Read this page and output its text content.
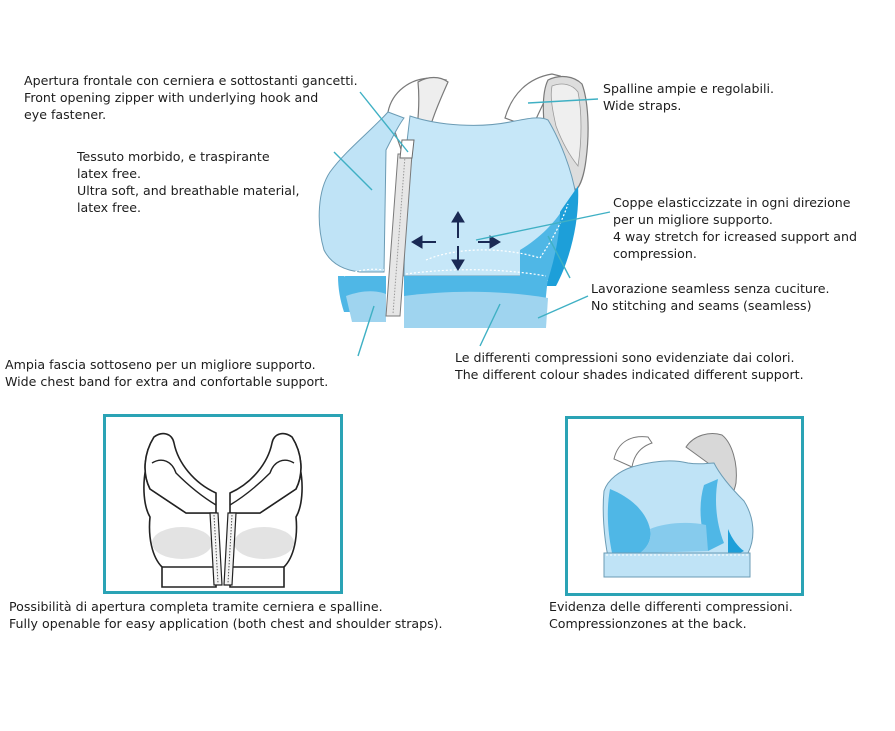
Apertura frontale con cerniera e sottostanti gancetti.
Front opening zipper with underlying hook and
eye fastener.
Spalline ampie e regolabili.
Wide straps.
Tessuto morbido, e traspirante
latex free.
Ultra soft, and breathable material,
latex free.	Coppe elasticcizzate in ogni direzione
per un migliore supporto.
4 way stretch for icreased support and
compression.
Lavorazione seamless senza cuciture.
No stitching and seams (seamless)
Ampia fascia sottoseno per un migliore supporto.
Wide chest band for extra and confortable support.
Le differenti compressioni sono evidenziate dai colori.
The different colour shades indicated different support.
Possibilità di apertura completa tramite cerniera e spalline.
Fully openable for easy application (both chest and shoulder straps).
Evidenza delle differenti compressioni.
Compressionzones at the back.
